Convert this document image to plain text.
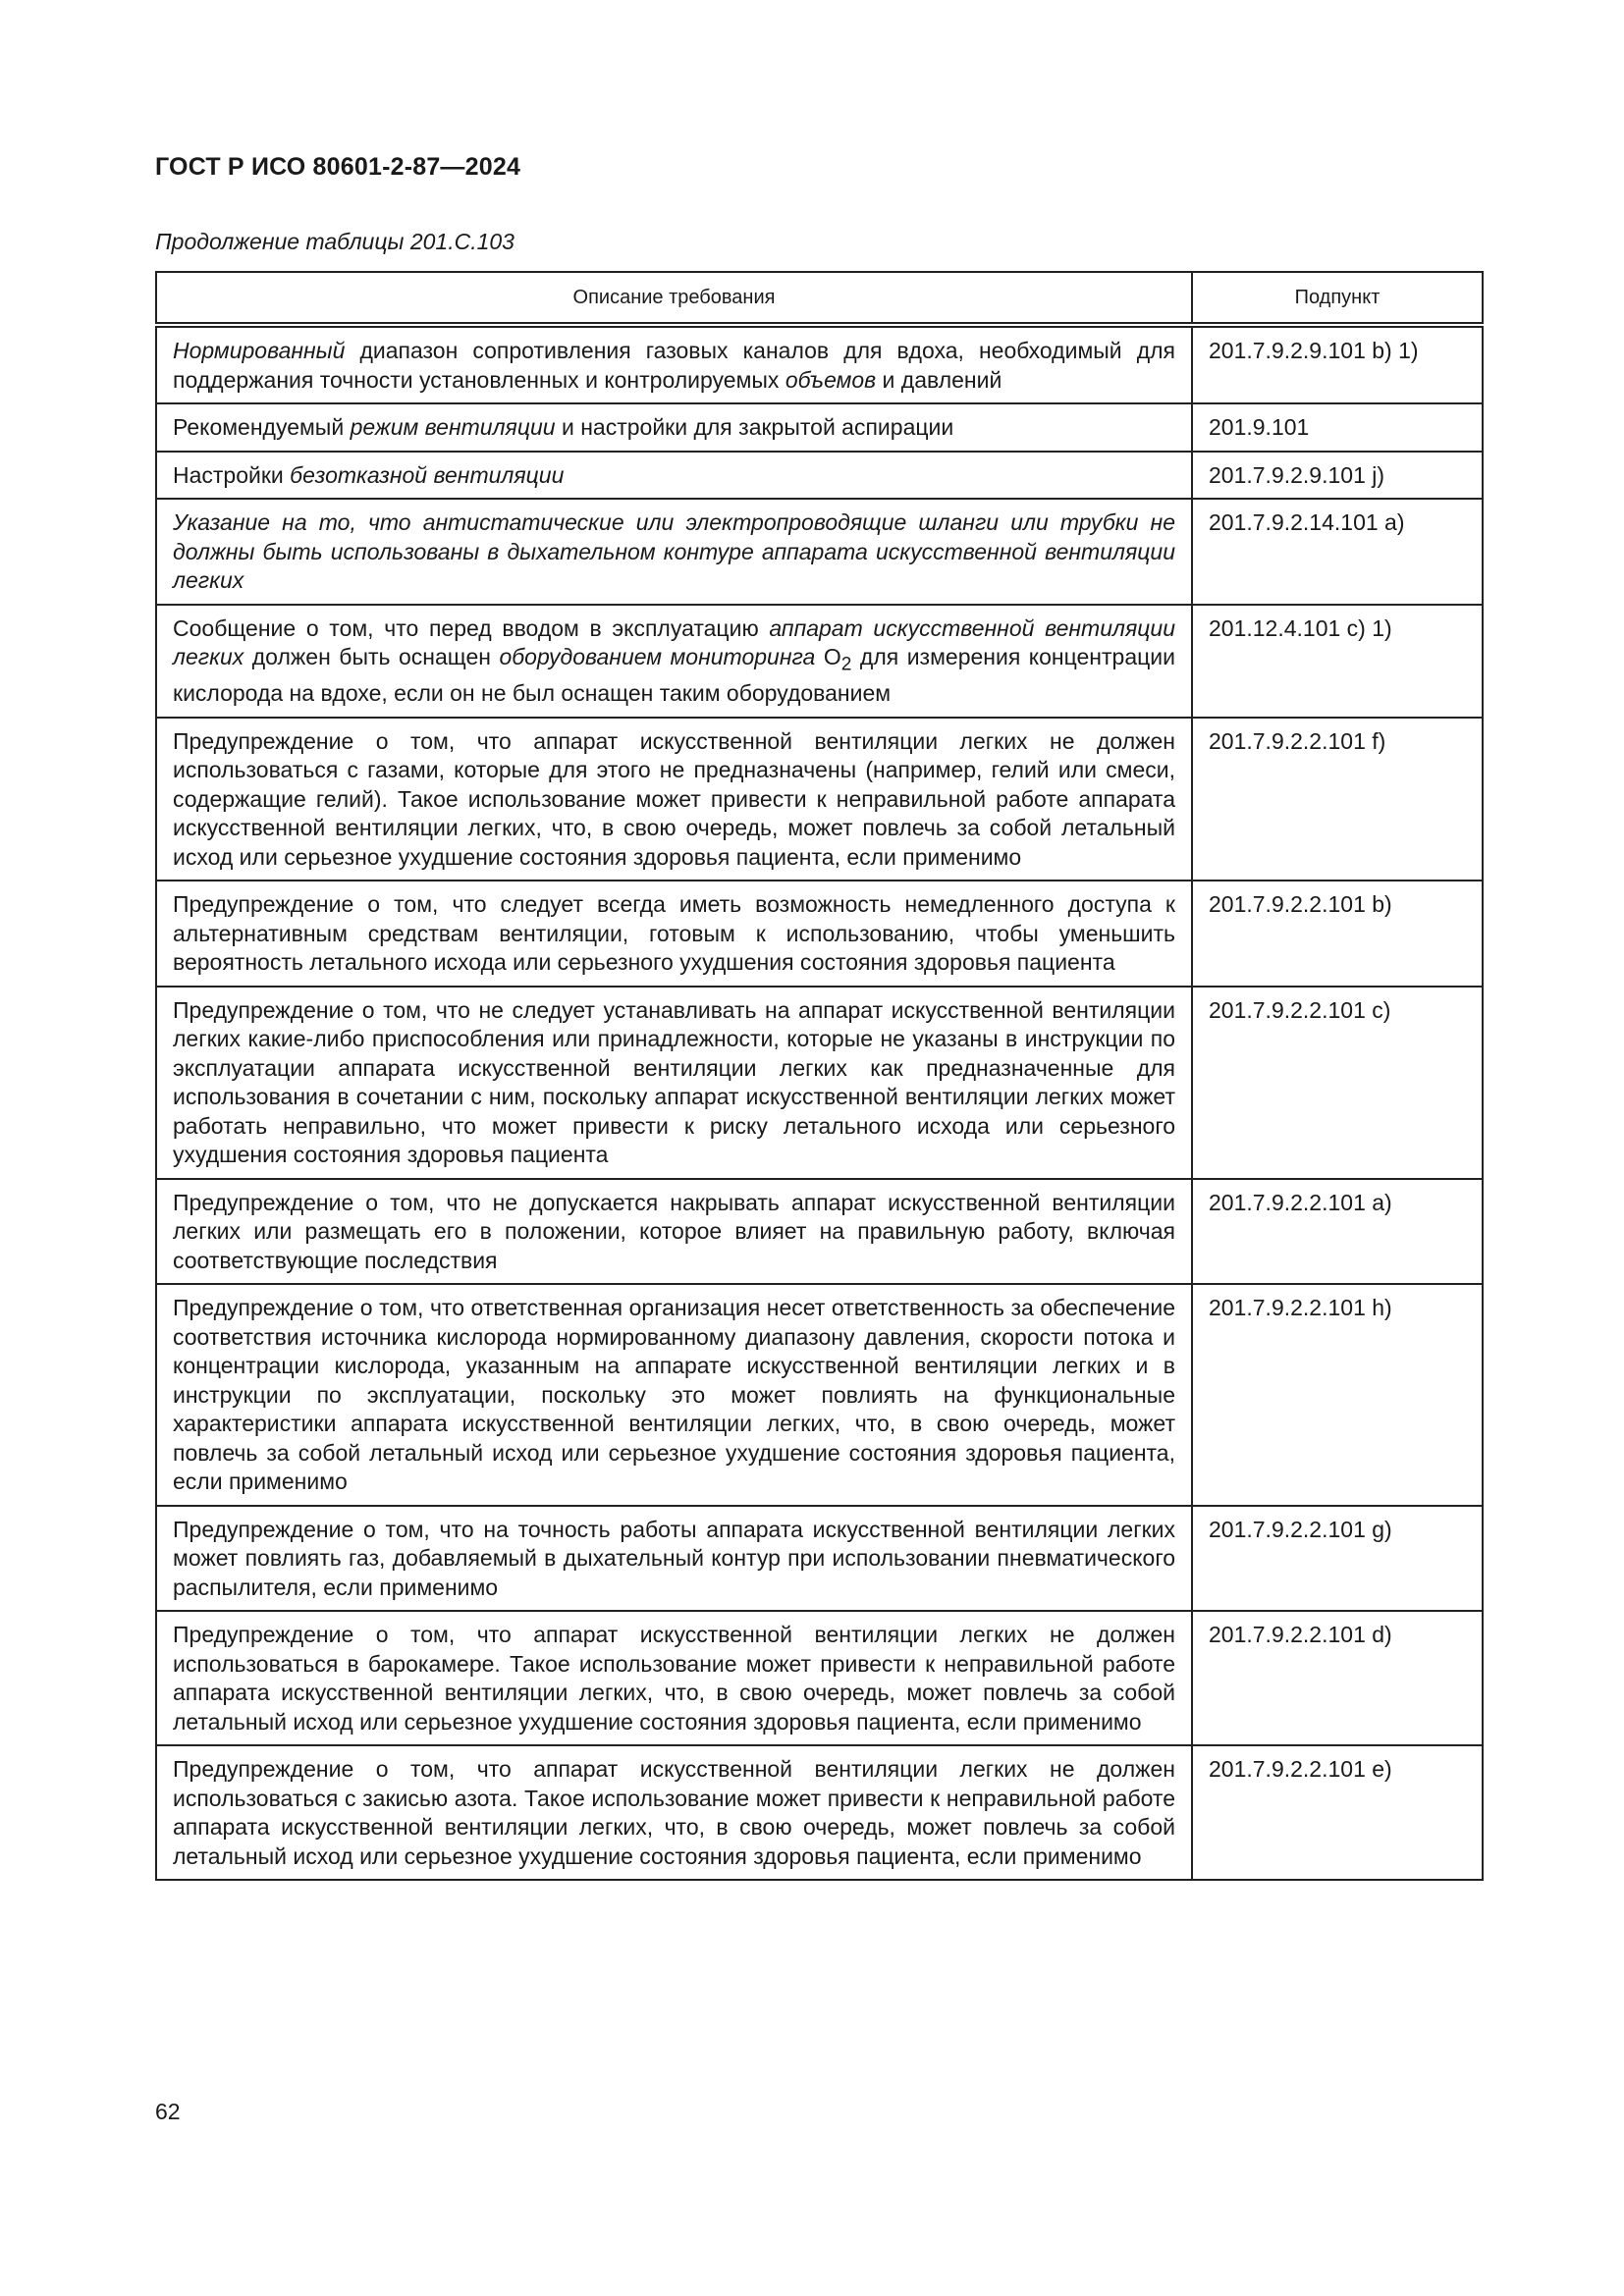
ГОСТ Р ИСО 80601-2-87—2024
Продолжение таблицы 201.C.103
Описание требования	Подпункт
Нормированный диапазон сопротивления газовых каналов для вдоха, необходимый для поддержания точности установленных и контролируемых объемов и давлений	201.7.9.2.9.101 b) 1)
Рекомендуемый режим вентиляции и настройки для закрытой аспирации	201.9.101
Настройки безотказной вентиляции	201.7.9.2.9.101 j)
Указание на то, что антистатические или электропроводящие шланги или трубки не должны быть использованы в дыхательном контуре аппарата искусственной вентиляции легких	201.7.9.2.14.101 a)
Сообщение о том, что перед вводом в эксплуатацию аппарат искусственной вентиляции легких должен быть оснащен оборудованием мониторинга $O_2$ для измерения концентрации кислорода на вдохе, если он не был оснащен таким оборудованием	201.12.4.101 c) 1)
Предупреждение о том, что аппарат искусственной вентиляции легких не должен использоваться с газами, которые для этого не предназначены (например, гелий или смеси, содержащие гелий). Такое использование может привести к неправильной работе аппарата искусственной вентиляции легких, что, в свою очередь, может повлечь за собой летальный исход или серьезное ухудшение состояния здоровья пациента, если применимо	201.7.9.2.2.101 f)
Предупреждение о том, что следует всегда иметь возможность немедленного доступа к альтернативным средствам вентиляции, готовым к использованию, чтобы уменьшить вероятность летального исхода или серьезного ухудшения состояния здоровья пациента	201.7.9.2.2.101 b)
Предупреждение о том, что не следует устанавливать на аппарат искусственной вентиляции легких какие-либо приспособления или принадлежности, которые не указаны в инструкции по эксплуатации аппарата искусственной вентиляции легких как предназначенные для использования в сочетании с ним, поскольку аппарат искусственной вентиляции легких может работать неправильно, что может привести к риску летального исхода или серьезного ухудшения состояния здоровья пациента	201.7.9.2.2.101 c)
Предупреждение о том, что не допускается накрывать аппарат искусственной вентиляции легких или размещать его в положении, которое влияет на правильную работу, включая соответствующие последствия	201.7.9.2.2.101 a)
Предупреждение о том, что ответственная организация несет ответственность за обеспечение соответствия источника кислорода нормированному диапазону давления, скорости потока и концентрации кислорода, указанным на аппарате искусственной вентиляции легких и в инструкции по эксплуатации, поскольку это может повлиять на функциональные характеристики аппарата искусственной вентиляции легких, что, в свою очередь, может повлечь за собой летальный исход или серьезное ухудшение состояния здоровья пациента, если применимо	201.7.9.2.2.101 h)
Предупреждение о том, что на точность работы аппарата искусственной вентиляции легких может повлиять газ, добавляемый в дыхательный контур при использовании пневматического распылителя, если применимо	201.7.9.2.2.101 g)
Предупреждение о том, что аппарат искусственной вентиляции легких не должен использоваться в барокамере. Такое использование может привести к неправильной работе аппарата искусственной вентиляции легких, что, в свою очередь, может повлечь за собой летальный исход или серьезное ухудшение состояния здоровья пациента, если применимо	201.7.9.2.2.101 d)
Предупреждение о том, что аппарат искусственной вентиляции легких не должен использоваться с закисью азота. Такое использование может привести к неправильной работе аппарата искусственной вентиляции легких, что, в свою очередь, может повлечь за собой летальный исход или серьезное ухудшение состояния здоровья пациента, если применимо	201.7.9.2.2.101 e)
62
